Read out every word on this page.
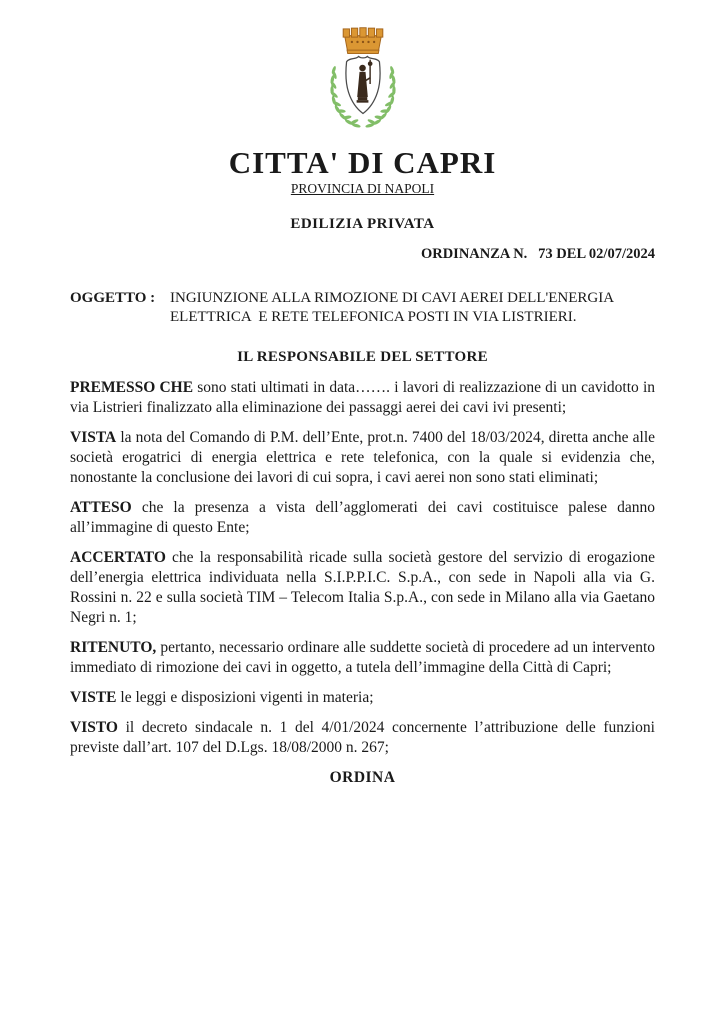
CITTA' DI CAPRI
PROVINCIA DI NAPOLI
EDILIZIA PRIVATA
ORDINANZA N.   73 DEL 02/07/2024
OGGETTO : INGIUNZIONE ALLA RIMOZIONE DI CAVI AEREI DELL'ENERGIA ELETTRICA  E RETE TELEFONICA POSTI IN VIA LISTRIERI.
IL RESPONSABILE DEL SETTORE

PREMESSO CHE sono stati ultimati in data……. i lavori di realizzazione di un cavidotto in via Listrieri finalizzato alla eliminazione dei passaggi aerei dei cavi ivi presenti;

VISTA la nota del Comando di P.M. dell’Ente, prot.n. 7400 del 18/03/2024, diretta anche alle società erogatrici di energia elettrica e rete telefonica, con la quale si evidenzia che, nonostante la conclusione dei lavori di cui sopra, i cavi aerei non sono stati eliminati;

ATTESO che la presenza a vista dell’agglomerati dei cavi costituisce palese danno all’immagine di questo Ente;

ACCERTATO che la responsabilità ricade sulla società gestore del servizio di erogazione dell’energia elettrica individuata nella S.I.P.P.I.C. S.p.A., con sede in Napoli alla via G. Rossini n. 22 e sulla società TIM – Telecom Italia S.p.A., con sede in Milano alla via Gaetano Negri n. 1;

RITENUTO, pertanto, necessario ordinare alle suddette società di procedere ad un intervento immediato di rimozione dei cavi in oggetto, a tutela dell’immagine della Città di Capri;

VISTE le leggi e disposizioni vigenti in materia;

VISTO il decreto sindacale n. 1 del 4/01/2024 concernente l’attribuzione delle funzioni previste dall’art. 107 del D.Lgs. 18/08/2000 n. 267;

ORDINA
